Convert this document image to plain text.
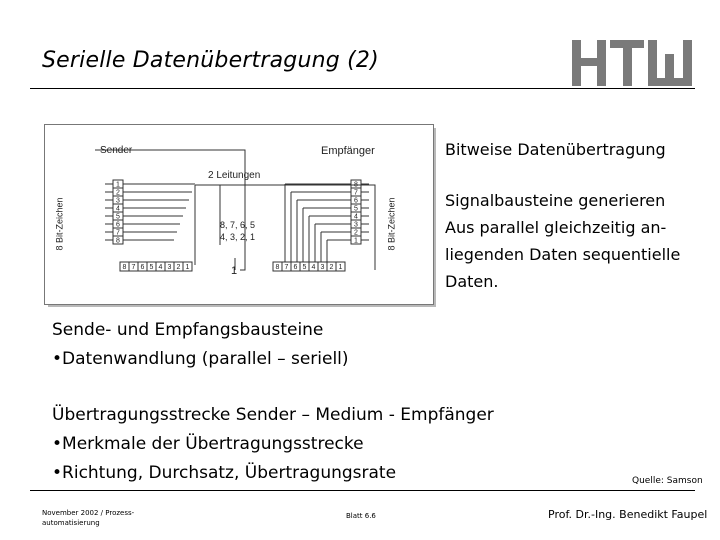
Serielle Datenübertragung (2)
1
2
3
4
5
6
7
8
8 7 6 5 4 3 2 1
8
7
6
5
4
3
2
1
8 7 6 5 4 3 2 1
Sender	Empfänger
2 Leitungen
8 Bit-Zeichen	8 Bit-Zeichen
8, 7, 6, 5
4, 3, 2, 1
1

Bitweise Datenübertragung

Signalbausteine generieren

Aus parallel gleichzeitig an-

liegenden Daten sequentielle

Daten.

Sende- und Empfangsbausteine

•Datenwandlung (parallel – seriell)

Übertragungsstrecke Sender – Medium - Empfänger

•Merkmale der Übertragungsstrecke

•Richtung, Durchsatz, Übertragungsrate	Quelle: Samson
November 2002 / Prozess-
automatisierung
Blatt 6.6	Prof. Dr.-Ing. Benedikt Faupel
